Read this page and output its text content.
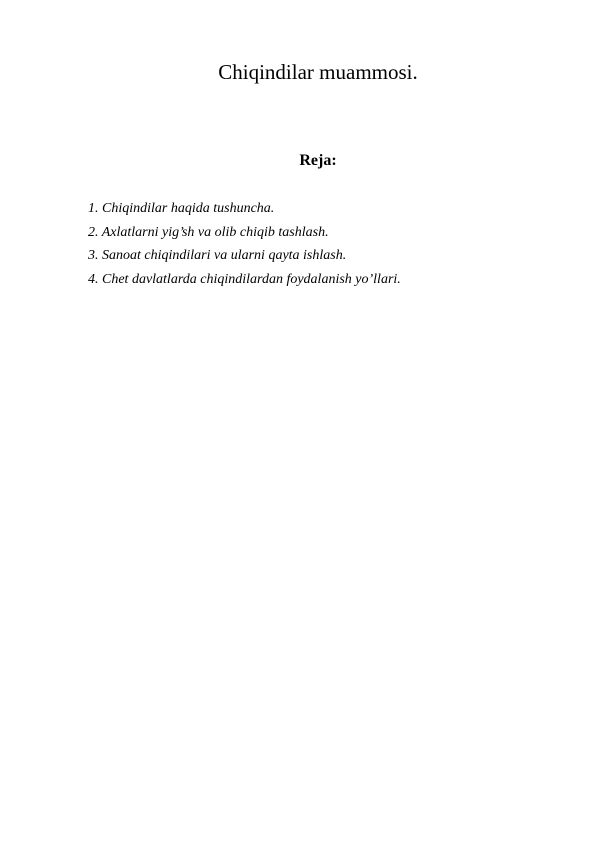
Chiqindilar muammosi.
Reja:
1. Chiqindilar haqida tushuncha.
2. Axlatlarni yig’sh va olib chiqib tashlash.
3. Sanoat chiqindilari va ularni qayta ishlash.
4. Chet davlatlarda chiqindilardan foydalanish yo’llari.
